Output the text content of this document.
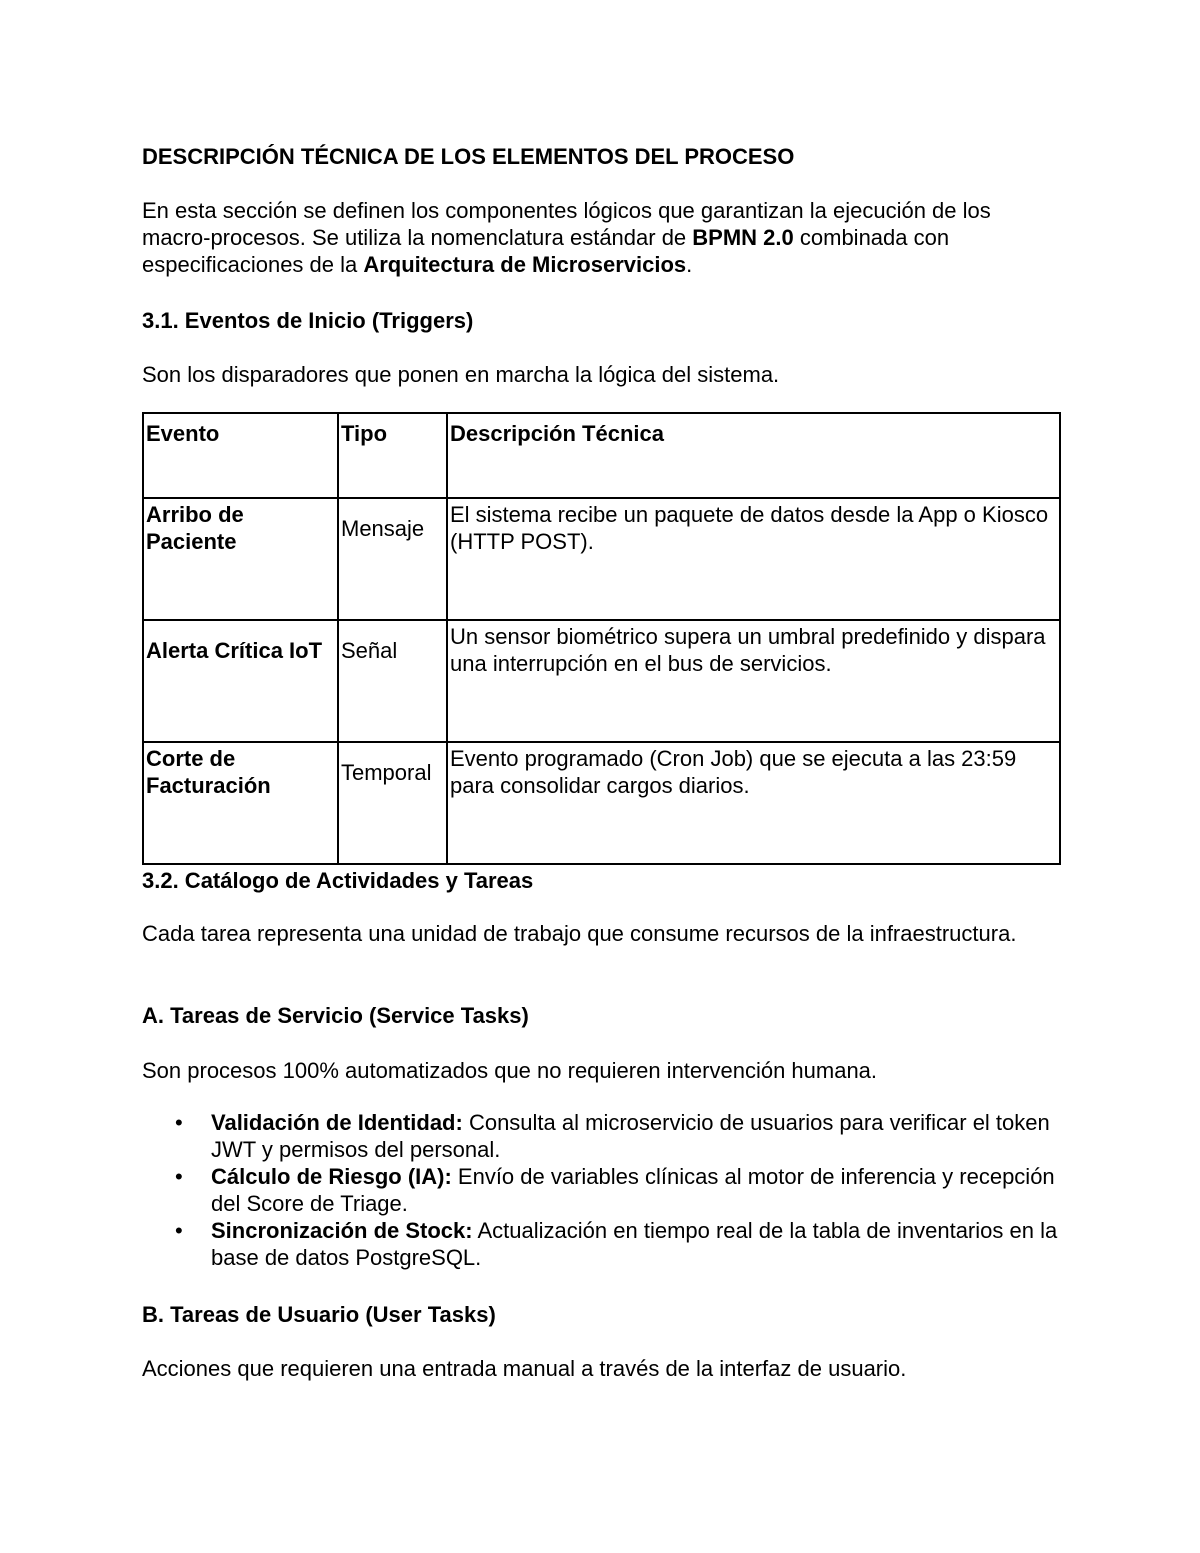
DESCRIPCIÓN TÉCNICA DE LOS ELEMENTOS DEL PROCESO
En esta sección se definen los componentes lógicos que garantizan la ejecución de los macro-procesos. Se utiliza la nomenclatura estándar de BPMN 2.0 combinada con especificaciones de la Arquitectura de Microservicios.
3.1. Eventos de Inicio (Triggers)
Son los disparadores que ponen en marcha la lógica del sistema.
Evento	Tipo	Descripción Técnica
Arribo de Paciente	Mensaje	El sistema recibe un paquete de datos desde la App o Kiosco (HTTP POST).
Alerta Crítica IoT	Señal	Un sensor biométrico supera un umbral predefinido y dispara una interrupción en el bus de servicios.
Corte de Facturación	Temporal	Evento programado (Cron Job) que se ejecuta a las 23:59 para consolidar cargos diarios.
3.2. Catálogo de Actividades y Tareas
Cada tarea representa una unidad de trabajo que consume recursos de la infraestructura.
A. Tareas de Servicio (Service Tasks)
Son procesos 100% automatizados que no requieren intervención humana.
• Validación de Identidad: Consulta al microservicio de usuarios para verificar el token JWT y permisos del personal.
• Cálculo de Riesgo (IA): Envío de variables clínicas al motor de inferencia y recepción del Score de Triage.
• Sincronización de Stock: Actualización en tiempo real de la tabla de inventarios en la base de datos PostgreSQL.
B. Tareas de Usuario (User Tasks)
Acciones que requieren una entrada manual a través de la interfaz de usuario.
